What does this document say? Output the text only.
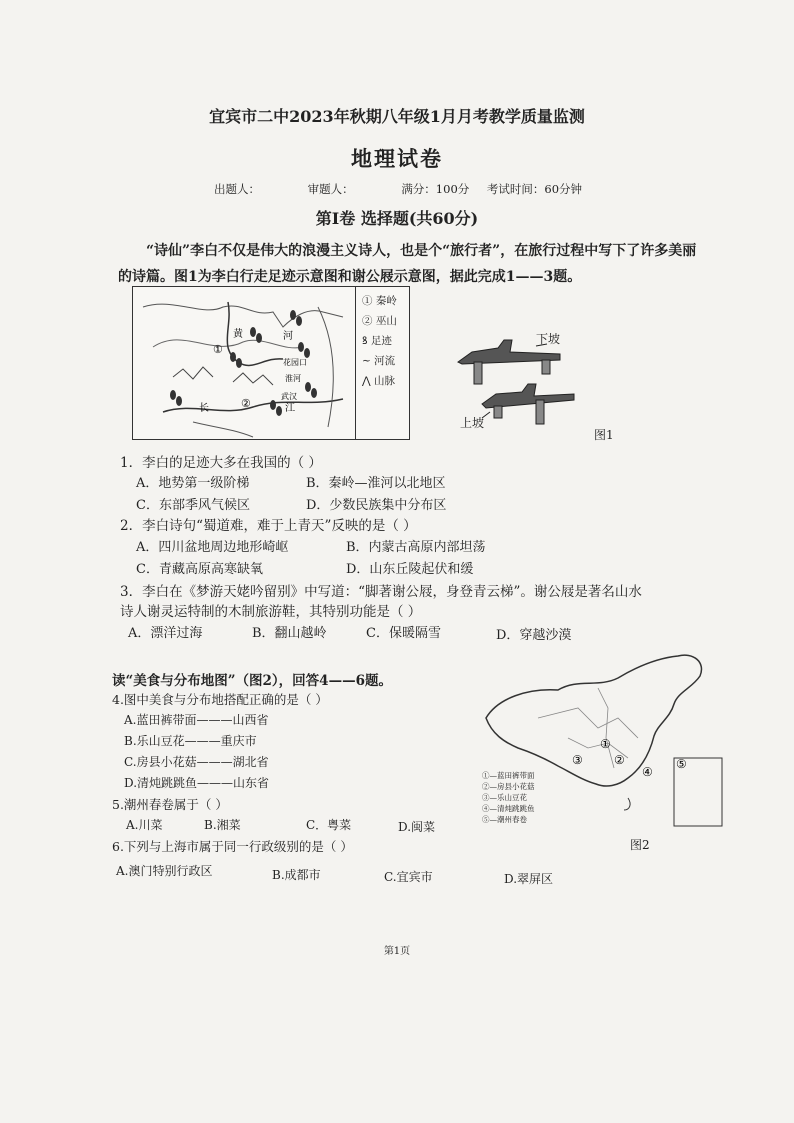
宜宾市二中2023年秋期八年级1月月考教学质量监测
地理试卷
出题人：	审题人：	满分：100分 考试时间：60分钟
第Ⅰ卷 选择题(共60分)
“诗仙”李白不仅是伟大的浪漫主义诗人，也是个“旅行者”，在旅行过程中写下了许多美丽的诗篇。图1为李白行走足迹示意图和谢公屐示意图，据此完成1——3题。
黄	河
花园口
淮河
武汉
长	江
①
②
① 秦岭
② 巫山
ꝸ 足迹
∼ 河流
⋀ 山脉
下坡
上坡
图1
1．李白的足迹大多在我国的（ ）
A．地势第一级阶梯	B．秦岭—淮河以北地区
C．东部季风气候区	D．少数民族集中分布区
2．李白诗句“蜀道难，难于上青天”反映的是（ ）
A．四川盆地周边地形崎岖	B．内蒙古高原内部坦荡
C．青藏高原高寒缺氧	D．山东丘陵起伏和缓
3．李白在《梦游天姥吟留别》中写道：“脚著谢公屐，身登青云梯”。谢公屐是著名山水
诗人谢灵运特制的木制旅游鞋，其特别功能是（ ）
A．漂洋过海	B．翻山越岭	C．保暖隔雪	D．穿越沙漠
读“美食与分布地图”（图2），回答4——6题。
4.图中美食与分布地搭配正确的是（ ）
A.蓝田裤带面———山西省
B.乐山豆花———重庆市
C.房县小花菇———湖北省
D.清炖跳跳鱼———山东省
5.潮州春卷属于（ ）
A.川菜	B.湘菜	C．粤菜	D.闽菜
6.下列与上海市属于同一行政级别的是（ ）
A.澳门特别行政区	B.成都市	C.宜宾市	D.翠屏区
①
②
③
④
⑤
①—蓝田裤带面
②—房县小花菇
③—乐山豆花
④—清炖跳跳鱼
⑤—潮州春卷
图2
第1页
